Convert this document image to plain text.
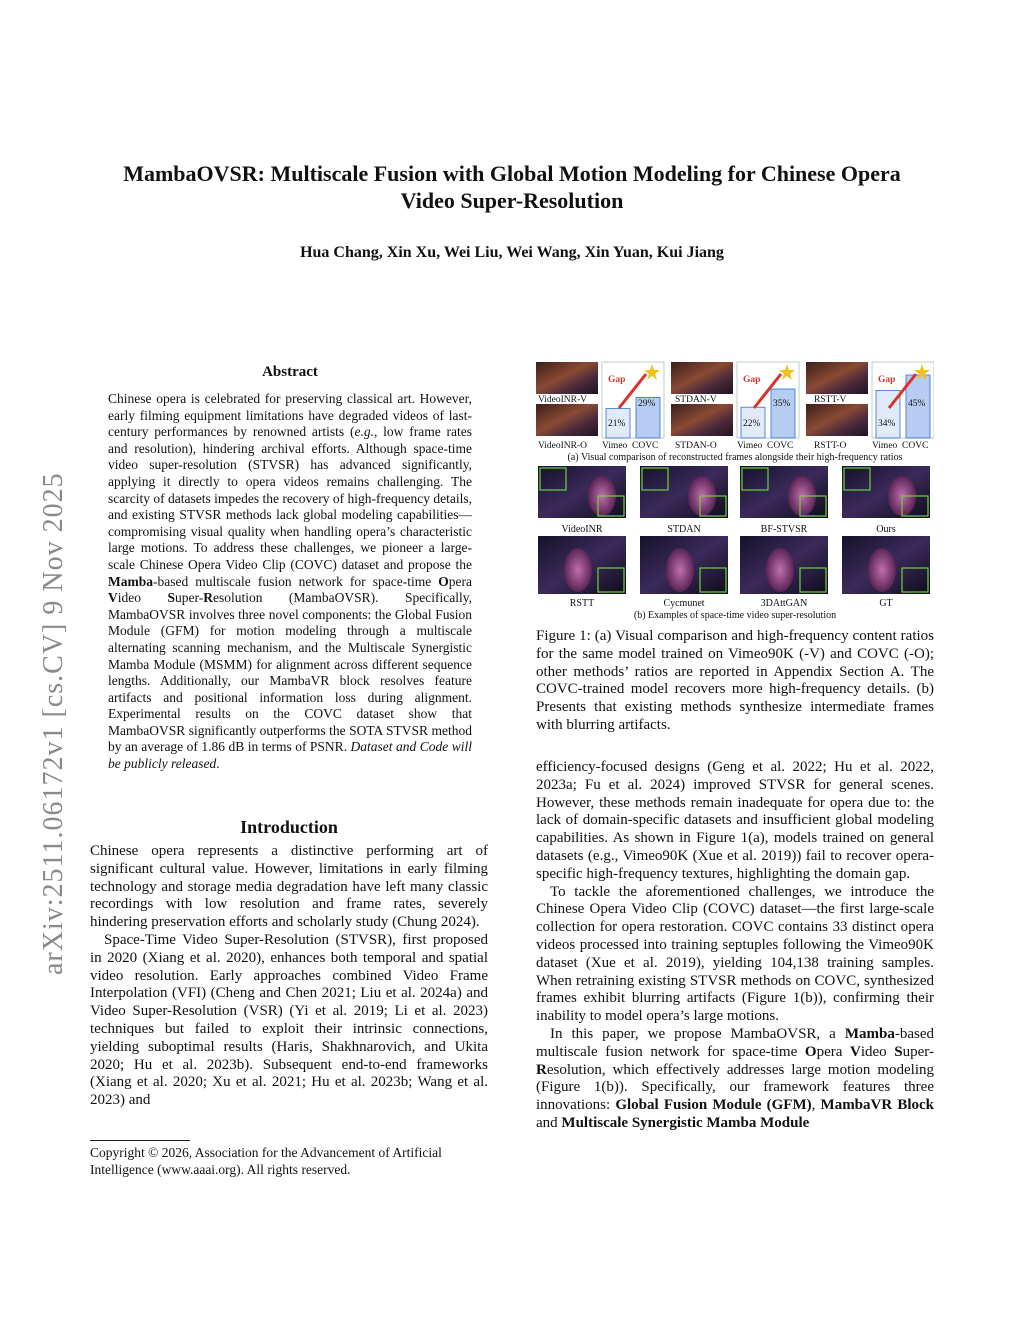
arXiv:2511.06172v1 [cs.CV] 9 Nov 2025
MambaOVSR: Multiscale Fusion with Global Motion Modeling for Chinese Opera Video Super-Resolution
Hua Chang, Xin Xu, Wei Liu, Wei Wang, Xin Yuan, Kui Jiang
Abstract
Chinese opera is celebrated for preserving classical art. However, early filming equipment limitations have degraded videos of last-century performances by renowned artists (e.g., low frame rates and resolution), hindering archival efforts. Although space-time video super-resolution (STVSR) has advanced significantly, applying it directly to opera videos remains challenging. The scarcity of datasets impedes the recovery of high-frequency details, and existing STVSR methods lack global modeling capabilities—compromising visual quality when handling opera’s characteristic large motions. To address these challenges, we pioneer a large-scale Chinese Opera Video Clip (COVC) dataset and propose the Mamba-based multiscale fusion network for space-time Opera Video Super-Resolution (MambaOVSR). Specifically, MambaOVSR involves three novel components: the Global Fusion Module (GFM) for motion modeling through a multiscale alternating scanning mechanism, and the Multiscale Synergistic Mamba Module (MSMM) for alignment across different sequence lengths. Additionally, our MambaVR block resolves feature artifacts and positional information loss during alignment. Experimental results on the COVC dataset show that MambaOVSR significantly outperforms the SOTA STVSR method by an average of 1.86 dB in terms of PSNR. Dataset and Code will be publicly released.
Introduction

Chinese opera represents a distinctive performing art of significant cultural value. However, limitations in early filming technology and storage media degradation have left many classic recordings with low resolution and frame rates, severely hindering preservation efforts and scholarly study (Chung 2024).

Space-Time Video Super-Resolution (STVSR), first proposed in 2020 (Xiang et al. 2020), enhances both temporal and spatial video resolution. Early approaches combined Video Frame Interpolation (VFI) (Cheng and Chen 2021; Liu et al. 2024a) and Video Super-Resolution (VSR) (Yi et al. 2019; Li et al. 2023) techniques but failed to exploit their intrinsic connections, yielding suboptimal results (Haris, Shakhnarovich, and Ukita 2020; Hu et al. 2023b). Subsequent end-to-end frameworks (Xiang et al. 2020; Xu et al. 2021; Hu et al. 2023b; Wang et al. 2023) and

Copyright © 2026, Association for the Advancement of Artificial Intelligence (www.aaai.org). All rights reserved.
VideoINR-V
VideoINR-O
21%
29%
Gap
Vimeo COVC
STDAN-V
STDAN-O
22%
35%
Gap
Vimeo COVC
RSTT-V
RSTT-O
34%
45%
Gap
Vimeo COVC
(a) Visual comparison of reconstructed frames alongside their high-frequency ratios
VideoINR	STDAN	BF-STVSR	Ours
RSTT	Cycmunet	3DAttGAN	GT
(b) Examples of space-time video super-resolution
Figure 1: (a) Visual comparison and high-frequency content ratios for the same model trained on Vimeo90K (-V) and COVC (-O); other methods’ ratios are reported in Appendix Section A. The COVC-trained model recovers more high-frequency details. (b) Presents that existing methods synthesize intermediate frames with blurring artifacts.

efficiency-focused designs (Geng et al. 2022; Hu et al. 2022, 2023a; Fu et al. 2024) improved STVSR for general scenes. However, these methods remain inadequate for opera due to: the lack of domain-specific datasets and insufficient global modeling capabilities. As shown in Figure 1(a), models trained on general datasets (e.g., Vimeo90K (Xue et al. 2019)) fail to recover opera-specific high-frequency textures, highlighting the domain gap.

To tackle the aforementioned challenges, we introduce the Chinese Opera Video Clip (COVC) dataset—the first large-scale collection for opera restoration. COVC contains 33 distinct opera videos processed into training septuples following the Vimeo90K dataset (Xue et al. 2019), yielding 104,138 training samples. When retraining existing STVSR methods on COVC, synthesized frames exhibit blurring artifacts (Figure 1(b)), confirming their inability to model opera’s large motions.

In this paper, we propose MambaOVSR, a Mamba-based multiscale fusion network for space-time Opera Video Super-Resolution, which effectively addresses large motion modeling (Figure 1(b)). Specifically, our framework features three innovations: Global Fusion Module (GFM), MambaVR Block and Multiscale Synergistic Mamba Module
